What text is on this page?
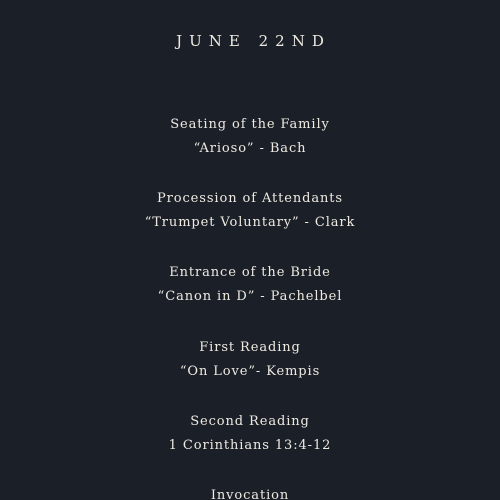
JUNE 22ND
Seating of the Family
“Arioso” - Bach
Procession of Attendants
“Trumpet Voluntary” - Clark
Entrance of the Bride
“Canon in D” - Pachelbel
First Reading
“On Love”- Kempis
Second Reading
1 Corinthians 13:4-12
Invocation
